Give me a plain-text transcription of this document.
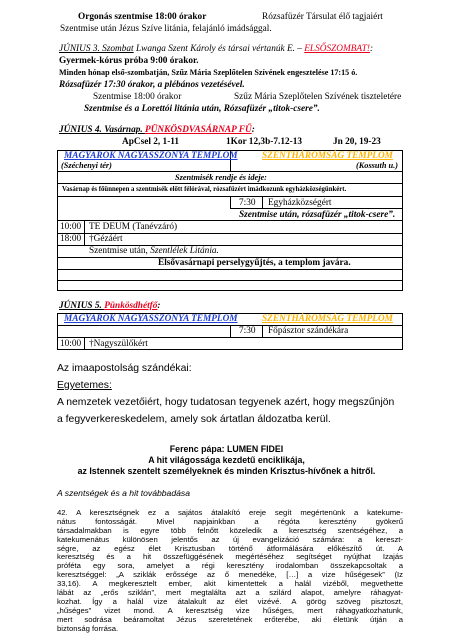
Orgonás szentmise 18:00 órakor	Rózsafüzér Társulat élő tagjaiért
Szentmise után Jézus Szíve litánia, felajánló imádsággal.
JÚNIUS 3. Szombat Lwanga Szent Károly és társai vértanúk E. – ELSŐSZOMBAT!:
Gyermek-kórus próba 9:00 órakor.
Minden hónap első-szombatján, Szűz Mária Szeplőtelen Szívének engesztelése 17:15 ó.
Rózsafüzér 17:30 órakor, a plébános vezetésével.
Szentmise 18:00 órakor	Szűz Mária Szeplőtelen Szívének tiszteletére
Szentmise és a Lorettói litánia után, Rózsafüzér „titok-csere”.
JÚNIUS 4. Vasárnap. PÜNKÖSDVASÁRNAP FŰ:
ApCsel 2, 1-11	1Kor 12,3b-7.12-13	Jn 20, 19-23
MAGYAROK NAGYASSZONYA TEMPLOM	SZENTHÁROMSÁG TEMPLOM
(Széchenyi tér)	(Kossuth u.)
Szentmisék rendje és ideje:
Vasárnap és főünnepen a szentmisék előtt félórával, rózsafüzért imádkozunk egyházközségünkért.
7:30 Egyházközségért
Szentmise után, rózsafüzér „titok-csere”.
10:00 TE DEUM (Tanévzáró)
18:00 †Gézáért
Szentmise után, Szentlélek Litánia.
Elsővasárnapi perselygyűjtés, a templom javára.
JÚNIUS 5. Pünkösdhétfő:
MAGYAROK NAGYASSZONYA TEMPLOM	SZENTHÁROMSÁG TEMPLOM
7:30 Főpásztor szándékára
10:00 †Nagyszülőkért
Az imaapostolság szándékai:
Egyetemes:
A nemzetek vezetőiért, hogy tudatosan tegyenek azért, hogy megszűnjön
a fegyverkereskedelem, amely sok ártatlan áldozatba kerül.
Ferenc pápa: LUMEN FIDEI
A hit világossága kezdetű enciklikája,
az Istennek szentelt személyeknek és minden Krisztus-hívőnek a hitről.
A szentségek és a hit továbbadása
42. A keresztségnek ez a sajátos átalakító ereje segít megértenünk a katekume-
nátus fontosságát. Mivel napjainkban a régóta keresztény gyökerű
társadalmakban is egyre több felnőtt közeledik a keresztség szentségéhez, a
katekumenátus különösen jelentős az új evangelizáció számára: a kereszt-
ségre, az egész élet Krisztusban történő átformálására előkészítő út. A
keresztség és a hit összefüggésének megértéséhez segítséget nyújthat Izajás
próféta egy sora, amelyet a régi keresztény irodalomban összekapcsoltak a
keresztséggel: „A sziklák erőssége az ő menedéke, […] a vize hűségesek” (Iz
33,16). A megkeresztelt ember, akit kimentettek a halál vizéből, megvethette
lábát az „erős sziklán”, mert megtalálta azt a szilárd alapot, amelyre ráhagyat-
kozhat. Így a halál vize átalakult az élet vizévé. A görög szöveg pisztoszt,
„hűséges” vizet mond. A keresztség vize hűséges, mert ráhagyatkozhatunk,
mert sodrása beáramoltat Jézus szeretetének erőterébe, aki életünk útján a
biztonság forrása.
